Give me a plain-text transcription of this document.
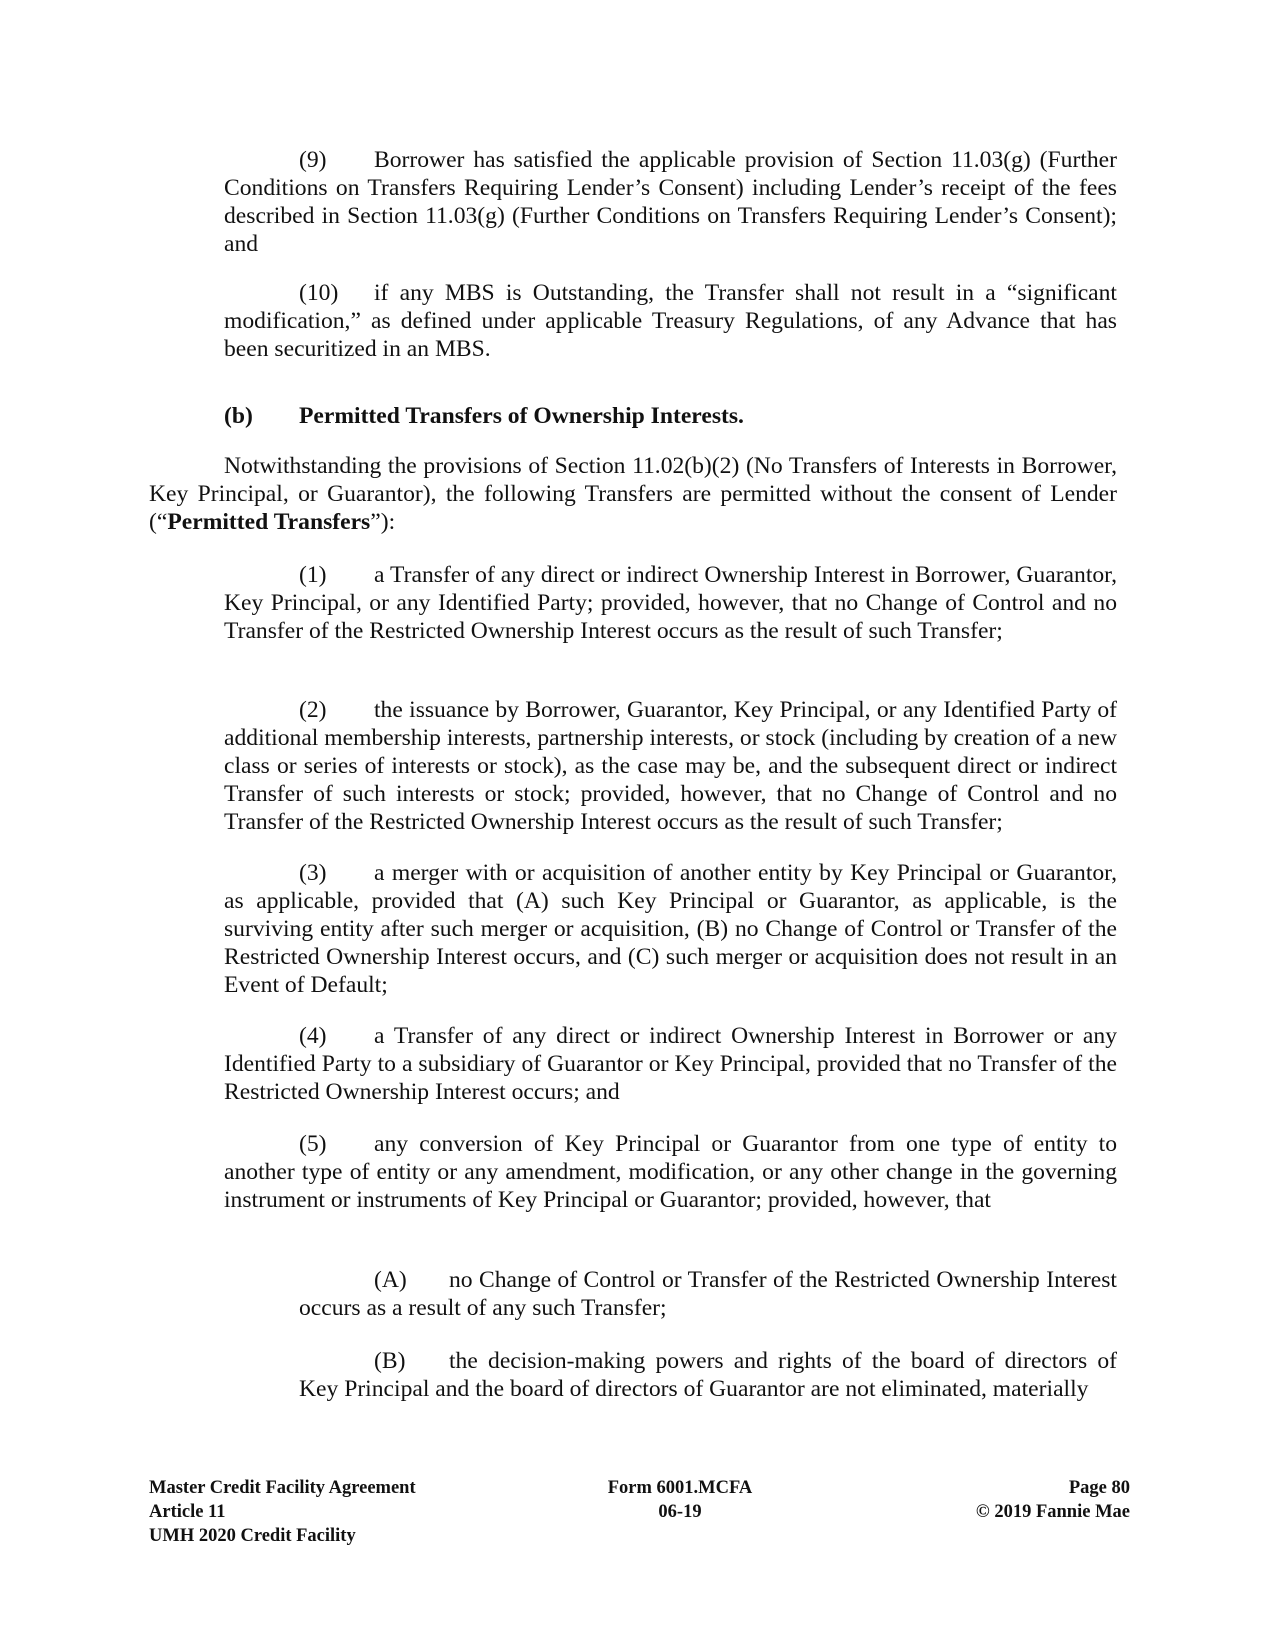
(9) Borrower has satisfied the applicable provision of Section 11.03(g) (Further Conditions on Transfers Requiring Lender’s Consent) including Lender’s receipt of the fees described in Section 11.03(g) (Further Conditions on Transfers Requiring Lender’s Consent); and

(10) if any MBS is Outstanding, the Transfer shall not result in a “significant modification,” as defined under applicable Treasury Regulations, of any Advance that has been securitized in an MBS.

(b) Permitted Transfers of Ownership Interests.

Notwithstanding the provisions of Section 11.02(b)(2) (No Transfers of Interests in Borrower, Key Principal, or Guarantor), the following Transfers are permitted without the consent of Lender (“Permitted Transfers”):

(1) a Transfer of any direct or indirect Ownership Interest in Borrower, Guarantor, Key Principal, or any Identified Party; provided, however, that no Change of Control and no Transfer of the Restricted Ownership Interest occurs as the result of such Transfer;

(2) the issuance by Borrower, Guarantor, Key Principal, or any Identified Party of additional membership interests, partnership interests, or stock (including by creation of a new class or series of interests or stock), as the case may be, and the subsequent direct or indirect Transfer of such interests or stock; provided, however, that no Change of Control and no Transfer of the Restricted Ownership Interest occurs as the result of such Transfer;

(3) a merger with or acquisition of another entity by Key Principal or Guarantor, as applicable, provided that (A) such Key Principal or Guarantor, as applicable, is the surviving entity after such merger or acquisition, (B) no Change of Control or Transfer of the Restricted Ownership Interest occurs, and (C) such merger or acquisition does not result in an Event of Default;

(4) a Transfer of any direct or indirect Ownership Interest in Borrower or any Identified Party to a subsidiary of Guarantor or Key Principal, provided that no Transfer of the Restricted Ownership Interest occurs; and

(5) any conversion of Key Principal or Guarantor from one type of entity to another type of entity or any amendment, modification, or any other change in the governing instrument or instruments of Key Principal or Guarantor; provided, however, that

(A) no Change of Control or Transfer of the Restricted Ownership Interest occurs as a result of any such Transfer;

(B) the decision-making powers and rights of the board of directors of Key Principal and the board of directors of Guarantor are not eliminated, materially

Master Credit Facility Agreement
Article 11
UMH 2020 Credit Facility
Form 6001.MCFA
06-19
Page 80
© 2019 Fannie Mae
